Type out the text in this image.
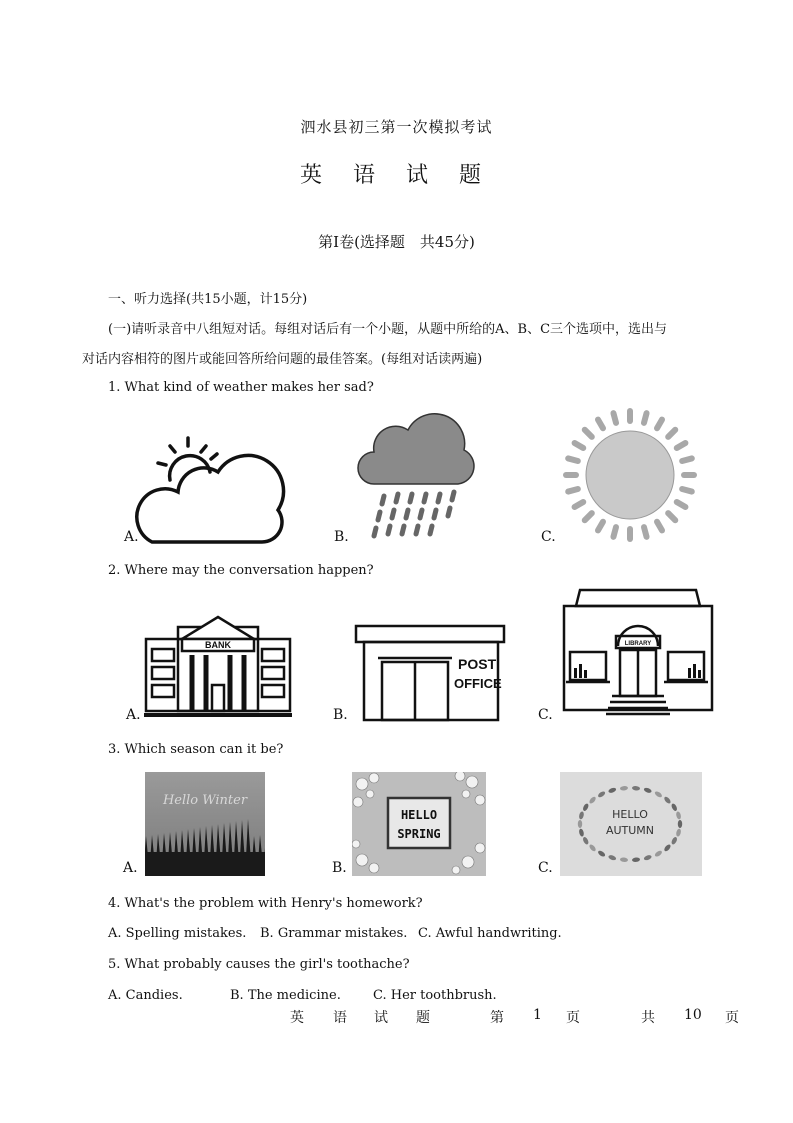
泗水县初三第一次模拟考试
英 语 试 题
第Ⅰ卷(选择题　共45分)
一、听力选择(共15小题，计15分)
(一)请听录音中八组短对话。每组对话后有一个小题，从题中所给的A、B、C三个选项中，选出与
对话内容相符的图片或能回答所给问题的最佳答案。(每组对话读两遍)
1. What kind of weather makes her sad?
A.	B.	C.
2. Where may the conversation happen?
BANK
A.
POST
OFFICE
B.
LIBRARY
C.
3. Which season can it be?
Hello Winter
A.
HELLO
SPRING
B.
HELLO
AUTUMN
C.
4. What's the problem with Henry's homework?
A. Spelling mistakes. B. Grammar mistakes. C. Awful handwriting.
5. What probably causes the girl's toothache?
A. Candies.	B. The medicine. C. Her toothbrush.
英 语 试 题	第 1 页	共 10 页
